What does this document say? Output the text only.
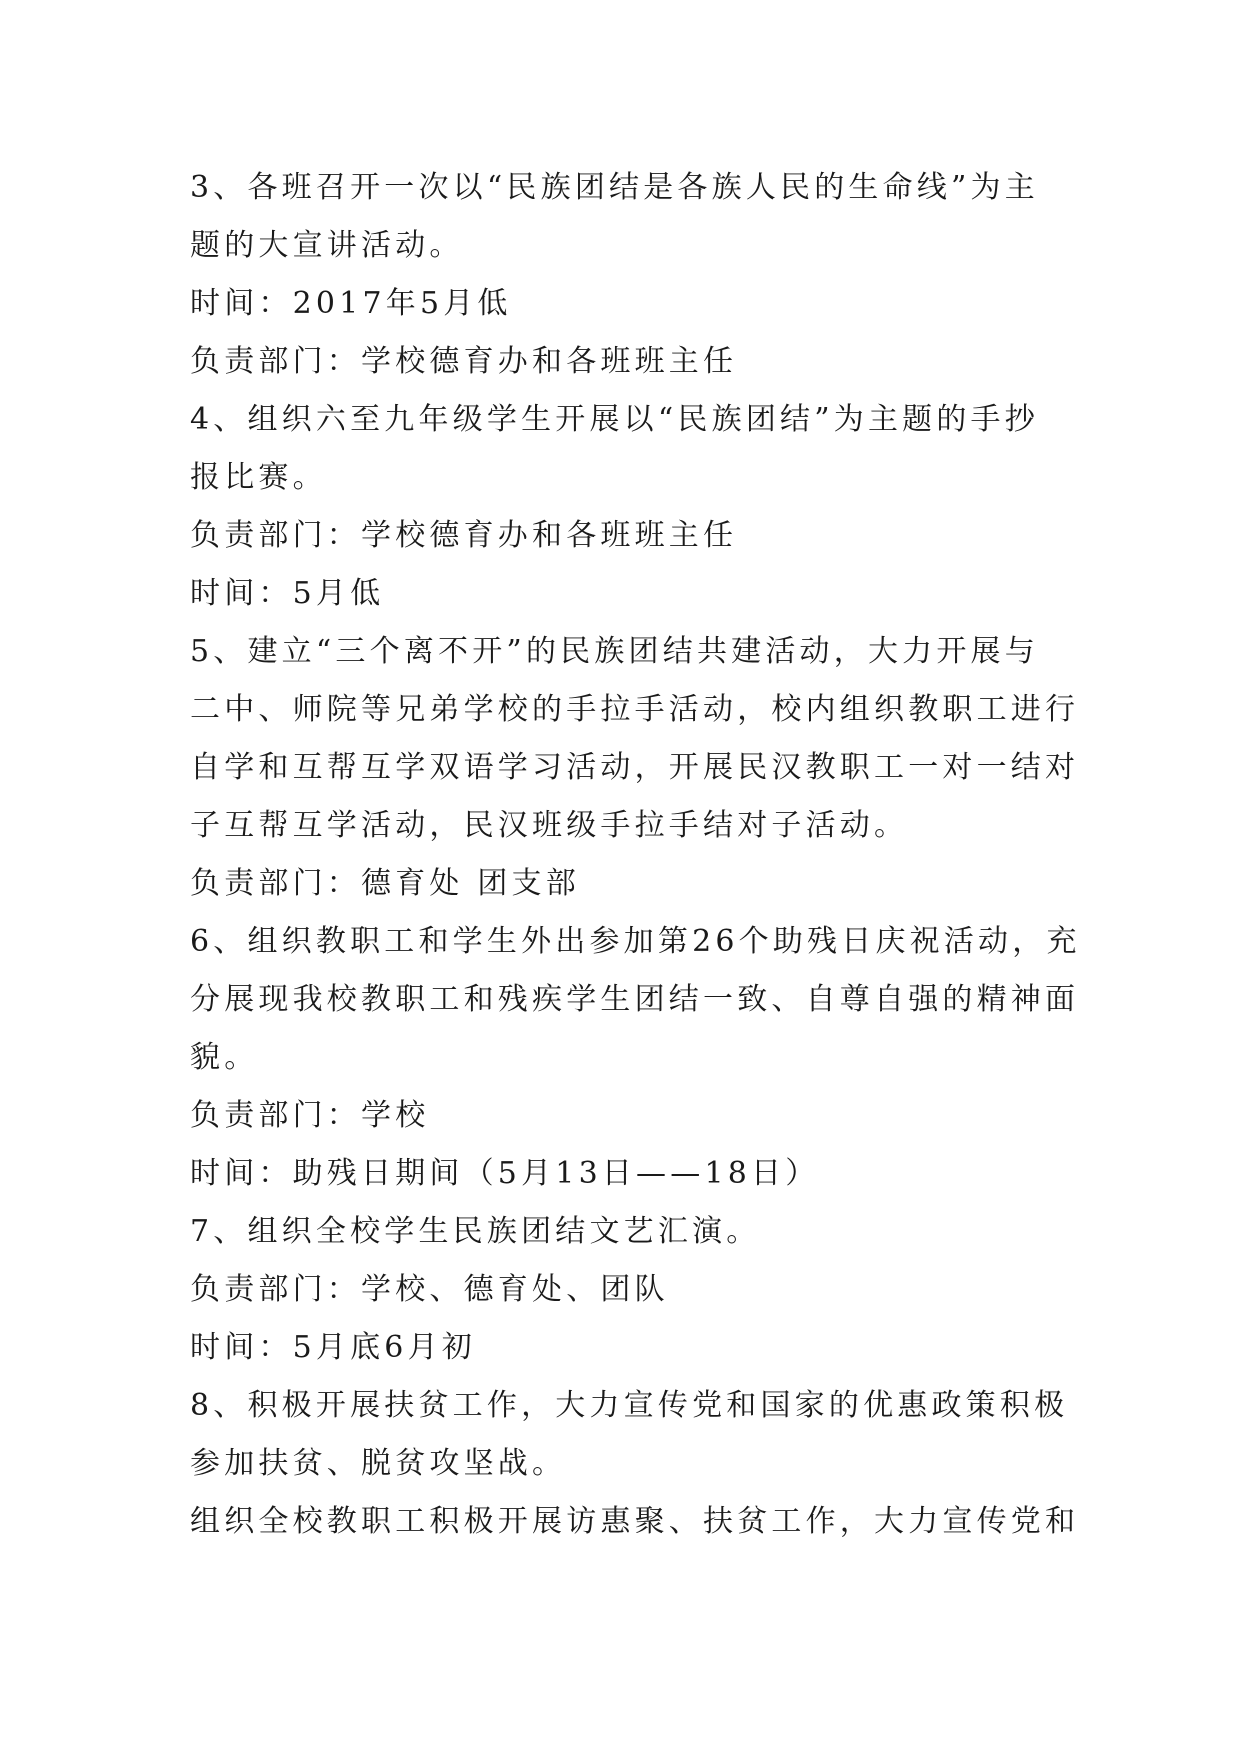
3、各班召开一次以“民族团结是各族人民的生命线”为主

题的大宣讲活动。

时间：2017年5月低

负责部门：学校德育办和各班班主任

4、组织六至九年级学生开展以“民族团结”为主题的手抄

报比赛。

负责部门：学校德育办和各班班主任

时间：5月低

5、建立“三个离不开”的民族团结共建活动，大力开展与

二中、师院等兄弟学校的手拉手活动，校内组织教职工进行

自学和互帮互学双语学习活动，开展民汉教职工一对一结对

子互帮互学活动，民汉班级手拉手结对子活动。

负责部门：德育处 团支部

6、组织教职工和学生外出参加第26个助残日庆祝活动，充

分展现我校教职工和残疾学生团结一致、自尊自强的精神面

貌。

负责部门：学校

时间：助残日期间（5月13日——18日）

7、组织全校学生民族团结文艺汇演。

负责部门：学校、德育处、团队

时间：5月底6月初

8、积极开展扶贫工作，大力宣传党和国家的优惠政策积极

参加扶贫、脱贫攻坚战。

组织全校教职工积极开展访惠聚、扶贫工作，大力宣传党和
